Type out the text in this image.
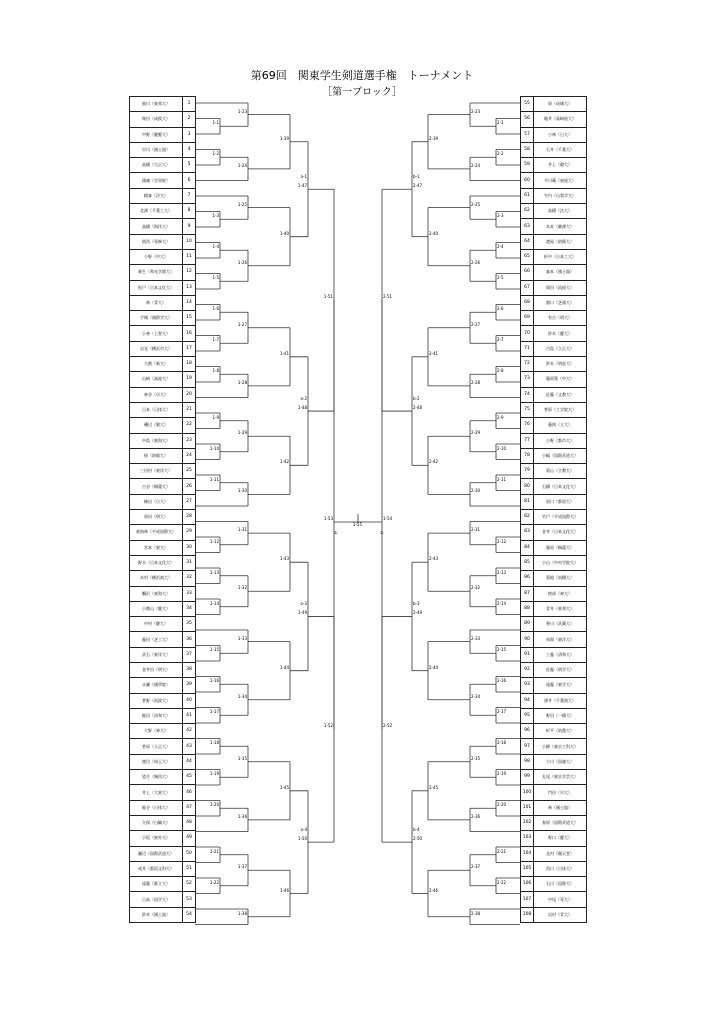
第69回　関東学生剣道選手権　トーナメント
［第一ブロック］
猿川（東邦大）	1
堀田（成蹊大）	2
中野（慶應大）	3
早川（國士舘）	4
高橋（大正大）	5
國廣（学習院）	6
稲森（法大）	7
北澤（千葉工大）	8
高橋（海洋大）	9
岡西（専修大）	10
小野（中大）	11
萩生（和光学園大）	12
松戸（日本文化大）	13
林（青大）	14
手城（國際学大）	15
小善（上智大）	16
岩光（横浜市大）	17
大熊（新大）	18
山崎（高経大）	19
神谷（早大）	20
日本（日体大）	21
磯辺（駿大）	22
中島（東海大）	23
桜（防衛大）	24
三田村（東洋大）	25
古谷（桐蔭大）	26
権田（日大）	27
原田（明大）	28
東海林（平成国際大）	29
宮本（東大）	30
野水（日本文化大）	31
木村（横浜商大）	32
鵬沢（東海大）	33
小熊山（慶大）	34
中村（慶大）	35
藤田（芝工大）	36
武石（東洋大）	37
金井田（明大）	38
永瀬（國學院）	39
菅野（筑波大）	40
飯田（清和大）	41
大野（神大）	42
菅原（立正大）	43
渡辺（埼玉大）	44
望月（城西大）	45
井上（大東大）	46
飯谷（日体大）	47
久保（白鷗大）	48
小坂（東外大）	49
瀬辺（国際武道大）	50
戒井（都留文科大）	51
遠藤（都立大）	52
日高（国学大）	53
鈴木（國士舘）	54
55	原（成城大）
56	亀井（高崎経大）
57	小林（日大）
58	石井（千葉大）
59	井上（駿大）
60	平川蔵（東経大）
61	竹内（山梨学大）
62	高橋（法大）
63	木本（駒澤大）
64	渡屋（防衛大）
65	折中（日本工大）
66	森本（國士舘）
67	岡田（流経大）
68	園口（芝浦大）
69	有吉（明大）
70	鈴木（慶大）
71	古島（立正大）
72	鈴木（明星大）
73	藤原篤（中大）
74	佐藤（文教大）
75	菅原（工学院大）
76	藤岡（立大）
77	小野（都市大）
78	小嶋（国際武道大）
79	菊山（立教大）
80	石橋（日本文化大）
81	原口（都留大）
82	竹戸（平成国際大）
83	金井（日本文化大）
84	藤原（桐蔭大）
85	小山（中央学院大）
86	菊地（筑橋大）
87	綾部（神大）
88	青井（東邦大）
89	香川（武蔵大）
90	馬場（東洋大）
91	工藤（清和大）
92	佐藤（明学大）
93	遠藤（東学大）
94	澤井（千葉商大）
95	野田（一橋大）
96	折平（筑農大）
97	小柳（東京工科大）
98	小川（国連大）
99	丸尾（東京学芸大）
100	門田（早大）
101	林（國士舘）
102	春原（国際武道大）
103	野口（慶大）
104	北村（順天堂）
105	西口（日体大）
106	石川（国際大）
107	中尾（専大）
108	岩村（青大）
1-1
1-2
1-3
1-4
1-5
1-6
1-7
1-8
1-9
1-10
1-11
1-12
1-13
1-14
1-15
1-16
1-17
1-18
1-19
1-20
1-21
1-22
1-23
1-24
1-25
1-26
1-27
1-28
1-29
1-30
1-31
1-32
1-33
1-34
1-35
1-36
1-37
1-38
1-39
1-40
1-41
1-42
1-43
1-44
1-45
1-46
1-47
1-48
1-49
1-50
a-1
a-2
a-3
a-4
1-51
1-52
2-1
2-2
2-3
2-4
2-5
2-6
2-7
2-8
2-9
2-10
2-11
2-12
2-13
2-14
2-15
2-16
2-17
2-18
2-19
2-20
2-21
2-22
2-23
2-24
2-25
2-26
2-27
2-28
2-29
2-30
2-31
2-32
2-33
2-34
2-35
2-36
2-37
2-38
2-39
2-40
2-41
2-42
2-43
2-44
2-45
2-46
2-47
2-48
2-49
2-50
b-1
b-2
b-3
b-4
2-51
2-52
1-53	1-54
1-55
①	②
